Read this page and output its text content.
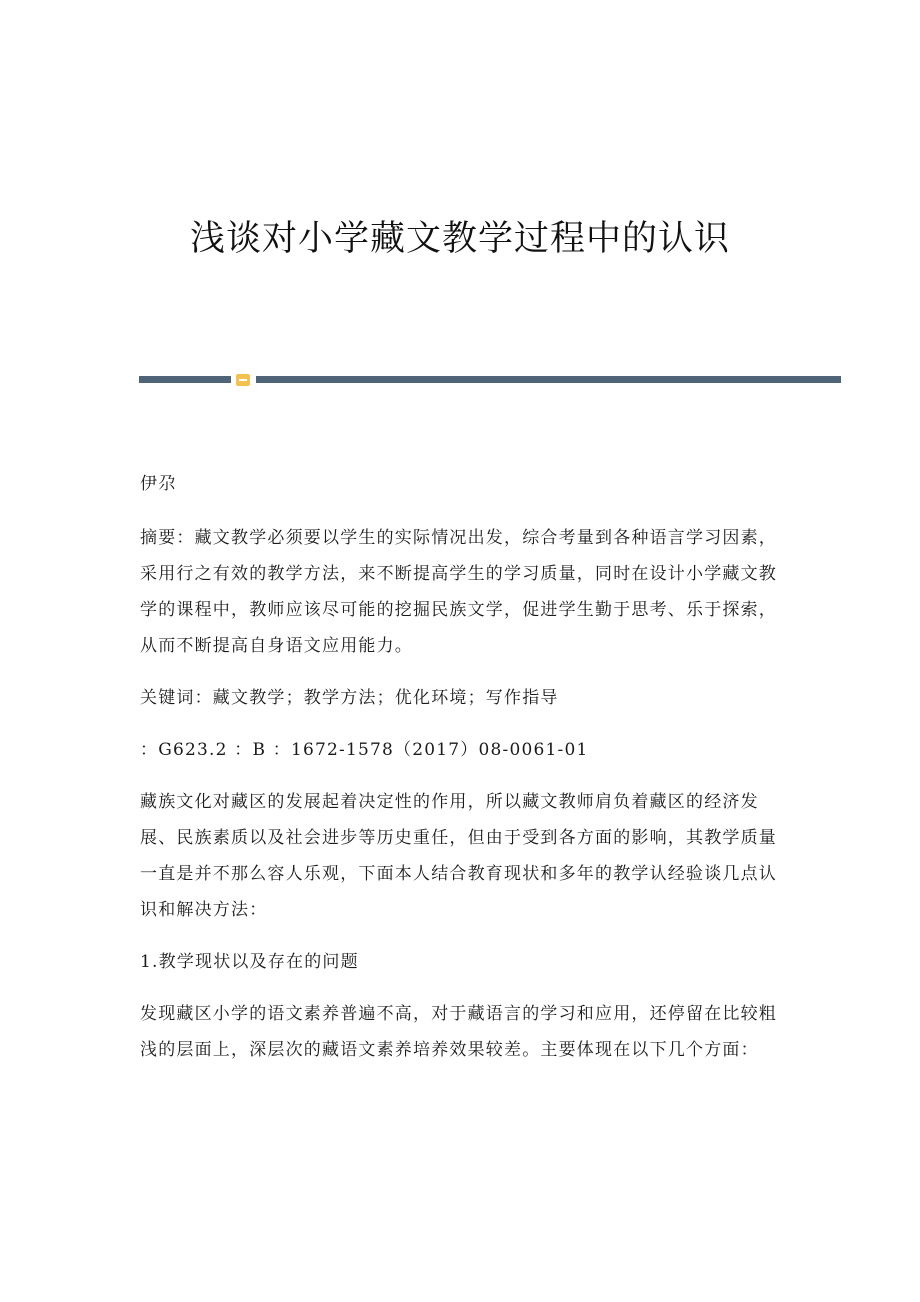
浅谈对小学藏文教学过程中的认识

伊尕

摘要：藏文教学必须要以学生的实际情况出发，综合考量到各种语言学习因素，采用行之有效的教学方法，来不断提高学生的学习质量，同时在设计小学藏文教学的课程中，教师应该尽可能的挖掘民族文学，促进学生勤于思考、乐于探索，从而不断提高自身语文应用能力。

关键词：藏文教学；教学方法；优化环境；写作指导

：G623.2 ：B ：1672-1578（2017）08-0061-01

藏族文化对藏区的发展起着决定性的作用，所以藏文教师肩负着藏区的经济发展、民族素质以及社会进步等历史重任，但由于受到各方面的影响，其教学质量一直是并不那么容人乐观，下面本人结合教育现状和多年的教学认经验谈几点认识和解决方法：

1.教学现状以及存在的问题

发现藏区小学的语文素养普遍不高，对于藏语言的学习和应用，还停留在比较粗浅的层面上，深层次的藏语文素养培养效果较差。主要体现在以下几个方面：
